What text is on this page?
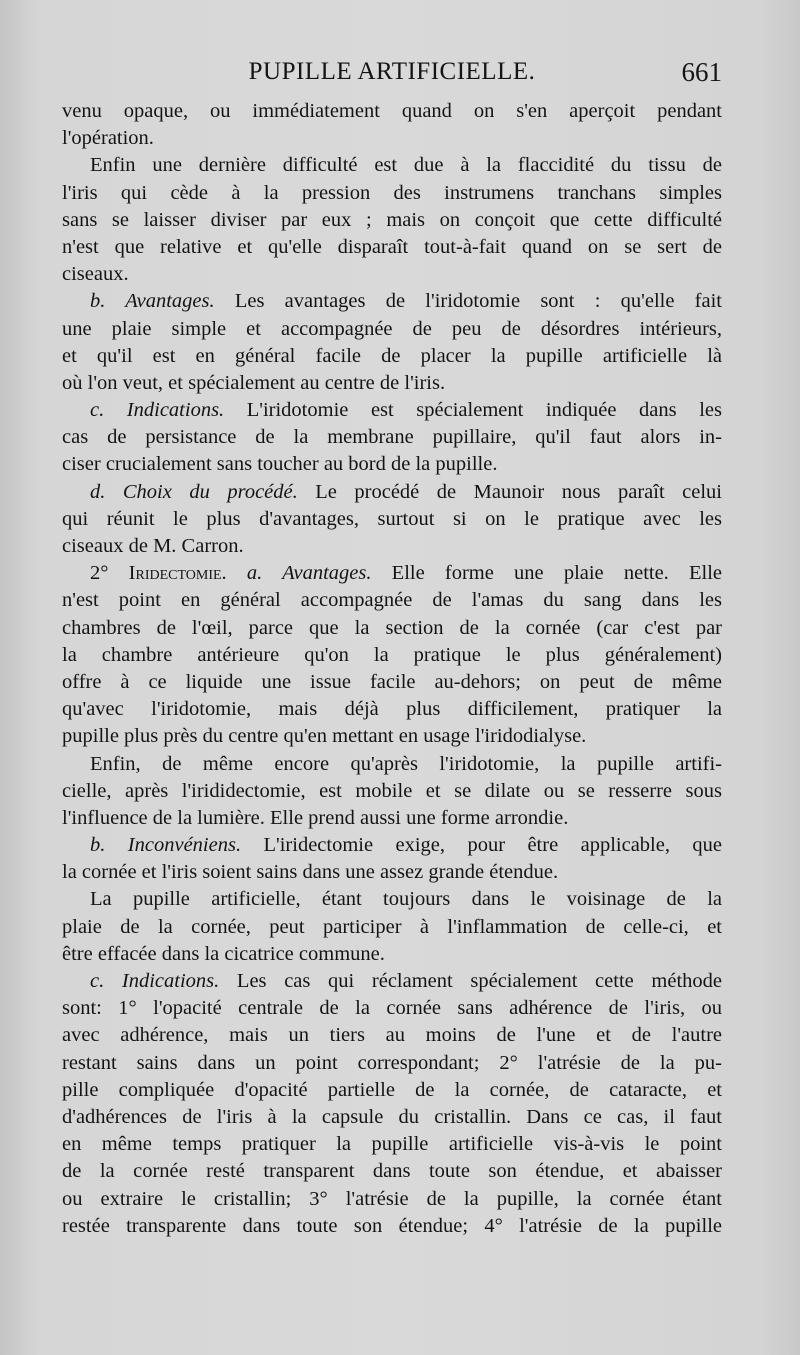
PUPILLE ARTIFICIELLE.	661
venu opaque, ou immédiatement quand on s'en aperçoit pendant
l'opération.
Enfin une dernière difficulté est due à la flaccidité du tissu de
l'iris qui cède à la pression des instrumens tranchans simples
sans se laisser diviser par eux ; mais on conçoit que cette difficulté
n'est que relative et qu'elle disparaît tout-à-fait quand on se sert de
ciseaux.
b. Avantages. Les avantages de l'iridotomie sont : qu'elle fait
une plaie simple et accompagnée de peu de désordres intérieurs,
et qu'il est en général facile de placer la pupille artificielle là
où l'on veut, et spécialement au centre de l'iris.
c. Indications. L'iridotomie est spécialement indiquée dans les
cas de persistance de la membrane pupillaire, qu'il faut alors in-
ciser crucialement sans toucher au bord de la pupille.
d. Choix du procédé. Le procédé de Maunoir nous paraît celui
qui réunit le plus d'avantages, surtout si on le pratique avec les
ciseaux de M. Carron.
2° Iridectomie. a. Avantages. Elle forme une plaie nette. Elle
n'est point en général accompagnée de l'amas du sang dans les
chambres de l'œil, parce que la section de la cornée (car c'est par
la chambre antérieure qu'on la pratique le plus généralement)
offre à ce liquide une issue facile au-dehors; on peut de même
qu'avec l'iridotomie, mais déjà plus difficilement, pratiquer la
pupille plus près du centre qu'en mettant en usage l'iridodialyse.
Enfin, de même encore qu'après l'iridotomie, la pupille artifi-
cielle, après l'irididectomie, est mobile et se dilate ou se resserre sous
l'influence de la lumière. Elle prend aussi une forme arrondie.
b. Inconvéniens. L'iridectomie exige, pour être applicable, que
la cornée et l'iris soient sains dans une assez grande étendue.
La pupille artificielle, étant toujours dans le voisinage de la
plaie de la cornée, peut participer à l'inflammation de celle-ci, et
être effacée dans la cicatrice commune.
c. Indications. Les cas qui réclament spécialement cette méthode
sont: 1° l'opacité centrale de la cornée sans adhérence de l'iris, ou
avec adhérence, mais un tiers au moins de l'une et de l'autre
restant sains dans un point correspondant; 2° l'atrésie de la pu-
pille compliquée d'opacité partielle de la cornée, de cataracte, et
d'adhérences de l'iris à la capsule du cristallin. Dans ce cas, il faut
en même temps pratiquer la pupille artificielle vis-à-vis le point
de la cornée resté transparent dans toute son étendue, et abaisser
ou extraire le cristallin; 3° l'atrésie de la pupille, la cornée étant
restée transparente dans toute son étendue; 4° l'atrésie de la pupille
